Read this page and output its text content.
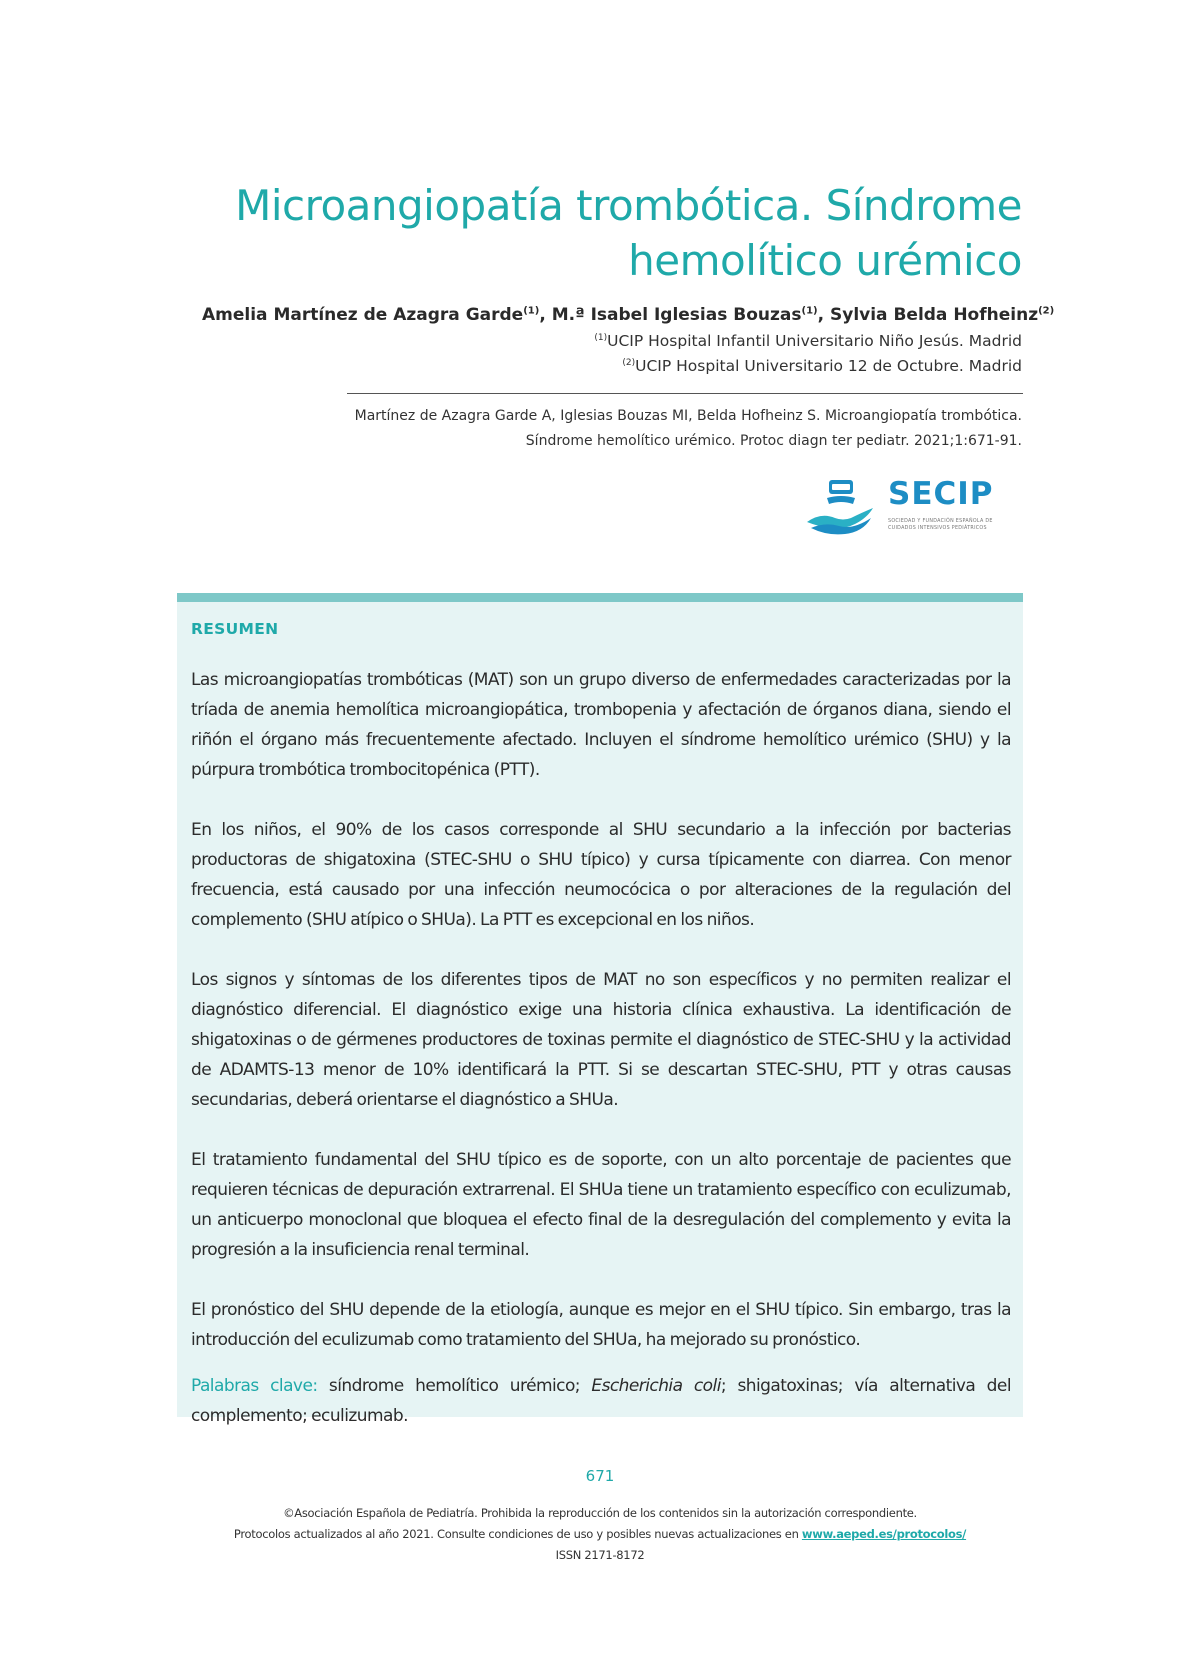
Microangiopatía trombótica. Síndrome
hemolítico urémico
Amelia Martínez de Azagra Garde$^{(1)}$, M.ª Isabel Iglesias Bouzas$^{(1)}$, Sylvia Belda Hofheinz$^{(2)}$
$^{(1)}$UCIP Hospital Infantil Universitario Niño Jesús. Madrid
$^{(2)}$UCIP Hospital Universitario 12 de Octubre. Madrid
Martínez de Azagra Garde A, Iglesias Bouzas MI, Belda Hofheinz S. Microangiopatía trombótica.
Síndrome hemolítico urémico. Protoc diagn ter pediatr. 2021;1:671-91.
SECIP
SOCIEDAD Y FUNDACIÓN ESPAÑOLA DE
CUIDADOS INTENSIVOS PEDIÁTRICOS
RESUMEN

Las microangiopatías trombóticas (MAT) son un grupo diverso de enfermedades caracterizadas por la tríada de anemia hemolítica microangiopática, trombopenia y afectación de órganos diana, siendo el riñón el órgano más frecuentemente afectado. Incluyen el síndrome hemolítico urémico (SHU) y la púrpura trombótica trombocitopénica (PTT).

En los niños, el 90% de los casos corresponde al SHU secundario a la infección por bacterias productoras de shigatoxina (STEC-SHU o SHU típico) y cursa típicamente con diarrea. Con menor frecuencia, está causado por una infección neumocócica o por alteraciones de la regulación del complemento (SHU atípico o SHUa). La PTT es excepcional en los niños.

Los signos y síntomas de los diferentes tipos de MAT no son específicos y no permiten realizar el diagnóstico diferencial. El diagnóstico exige una historia clínica exhaustiva. La identificación de shigatoxinas o de gérmenes productores de toxinas permite el diagnóstico de STEC-SHU y la actividad de ADAMTS-13 menor de 10% identificará la PTT. Si se descartan STEC-SHU, PTT y otras causas secundarias, deberá orientarse el diagnóstico a SHUa.

El tratamiento fundamental del SHU típico es de soporte, con un alto porcentaje de pacientes que requieren técnicas de depuración extrarrenal. El SHUa tiene un tratamiento específico con eculizumab, un anticuerpo monoclonal que bloquea el efecto final de la desregulación del complemento y evita la progresión a la insuficiencia renal terminal.

El pronóstico del SHU depende de la etiología, aunque es mejor en el SHU típico. Sin embargo, tras la introducción del eculizumab como tratamiento del SHUa, ha mejorado su pronóstico.

Palabras clave: síndrome hemolítico urémico; Escherichia coli; shigatoxinas; vía alternativa del complemento; eculizumab.

671
©Asociación Española de Pediatría. Prohibida la reproducción de los contenidos sin la autorización correspondiente.
Protocolos actualizados al año 2021. Consulte condiciones de uso y posibles nuevas actualizaciones en www.aeped.es/protocolos/
ISSN 2171-8172
